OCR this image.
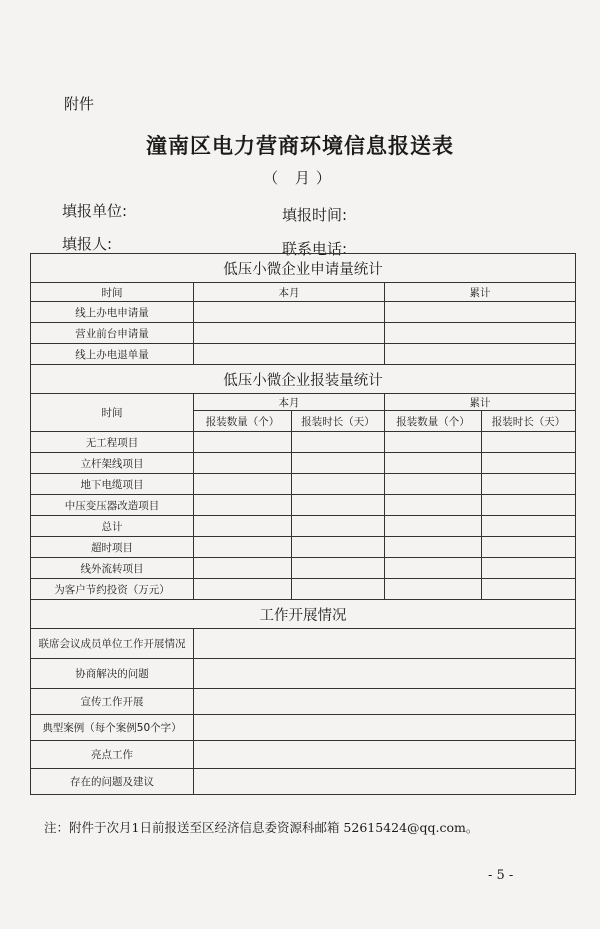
附件
潼南区电力营商环境信息报送表
（ 月）
填报单位:	填报时间:
填报人:	联系电话:
低压小微企业申请量统计				
时间	本月		累计	
线上办电申请量				
营业前台申请量				
线上办电退单量				
低压小微企业报装量统计				
时间	本月		累计	
	报装数量（个）	报装时长（天）	报装数量（个）	报装时长（天）
无工程项目				
立杆架线项目				
地下电缆项目				
中压变压器改造项目				
总计				
超时项目				
线外流转项目				
为客户节约投资（万元）				
工作开展情况				
联席会议成员单位工作开展情况				
协商解决的问题				
宣传工作开展				
典型案例（每个案例50个字）				
亮点工作				
存在的问题及建议				
注：附件于次月1日前报送至区经济信息委资源科邮箱 52615424@qq.com。
- 5 -
